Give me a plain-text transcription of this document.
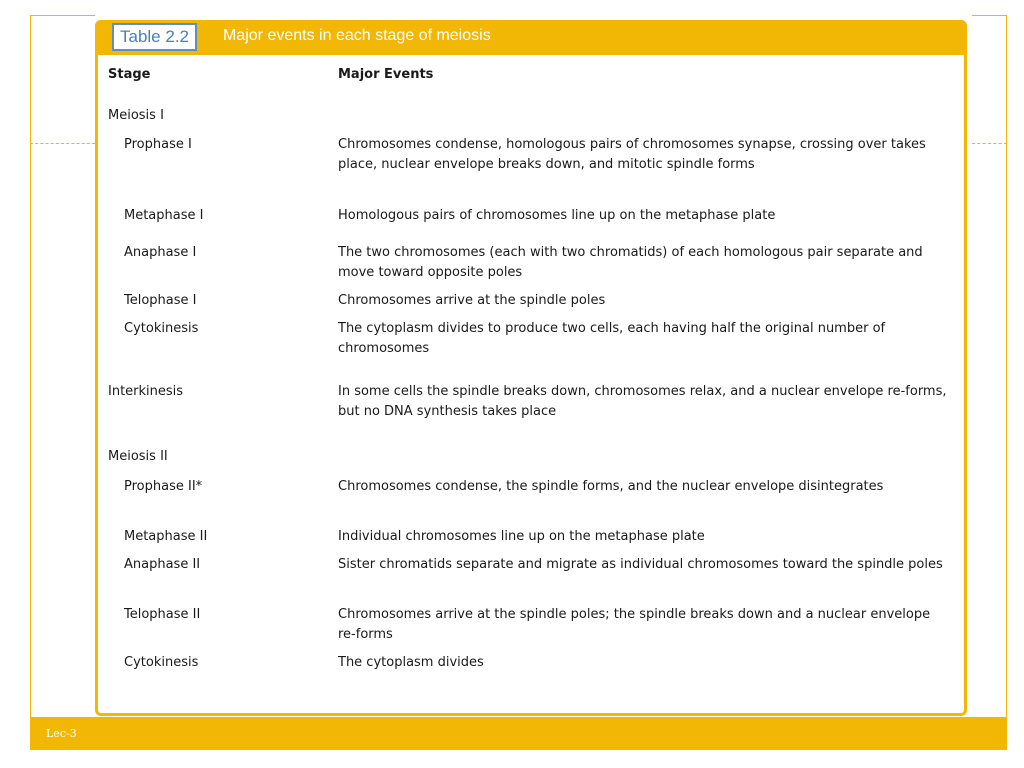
Table 2.2	Major events in each stage of meiosis
Stage	Major Events
Meiosis I
Prophase I	Chromosomes condense, homologous pairs of chromosomes synapse, crossing over takes place, nuclear envelope breaks down, and mitotic spindle forms
Metaphase I	Homologous pairs of chromosomes line up on the metaphase plate
Anaphase I	The two chromosomes (each with two chromatids) of each homologous pair separate and move toward opposite poles
Telophase I	Chromosomes arrive at the spindle poles
Cytokinesis	The cytoplasm divides to produce two cells, each having half the original number of chromosomes
Interkinesis	In some cells the spindle breaks down, chromosomes relax, and a nuclear envelope re-forms, but no DNA synthesis takes place
Meiosis II
Prophase II*	Chromosomes condense, the spindle forms, and the nuclear envelope disintegrates
Metaphase II	Individual chromosomes line up on the metaphase plate
Anaphase II	Sister chromatids separate and migrate as individual chromosomes toward the spindle poles
Telophase II	Chromosomes arrive at the spindle poles; the spindle breaks down and a nuclear envelope re-forms
Cytokinesis	The cytoplasm divides
Lec-3
